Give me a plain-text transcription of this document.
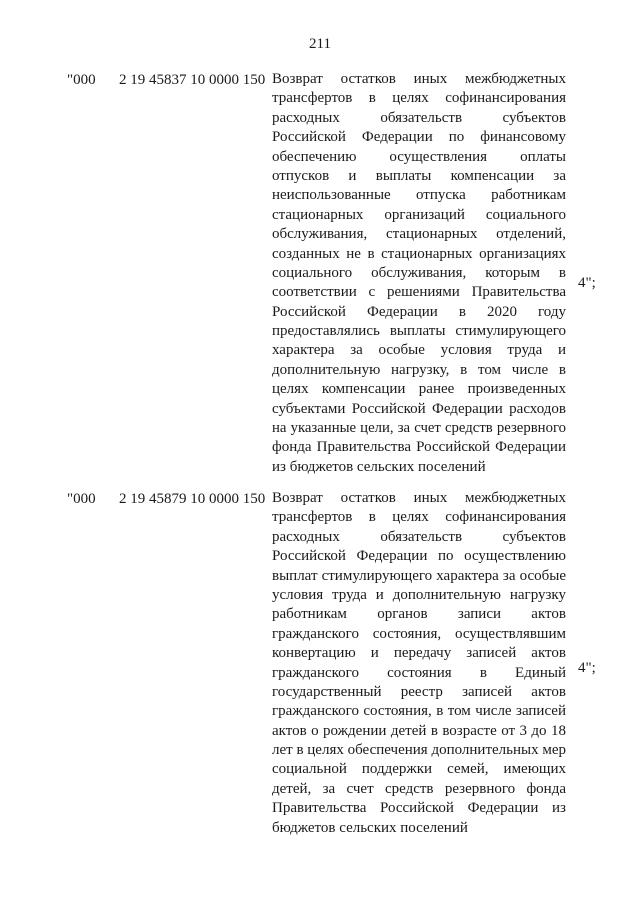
211
"000 2 19 45837 10 0000 150 Возврат остатков иных межбюджетных
трансфертов в целях софинансирования
расходных обязательств субъектов
Российской Федерации по финансовому
обеспечению осуществления оплаты
отпусков и выплаты компенсации за
неиспользованные отпуска работникам
стационарных организаций социального
обслуживания, стационарных отделений,
созданных не в стационарных организациях
социального обслуживания, которым в
соответствии с решениями Правительства
Российской Федерации в 2020 году
предоставлялись выплаты стимулирующего
характера за особые условия труда и
дополнительную нагрузку, в том числе в
целях компенсации ранее произведенных
субъектами Российской Федерации расходов
на указанные цели, за счет средств резервного
фонда Правительства Российской Федерации
из бюджетов сельских поселений

4";
"000 2 19 45879 10 0000 150 Возврат остатков иных межбюджетных
трансфертов в целях софинансирования
расходных обязательств субъектов
Российской Федерации по осуществлению
выплат стимулирующего характера за особые
условия труда и дополнительную нагрузку
работникам органов записи актов
гражданского состояния, осуществлявшим
конвертацию и передачу записей актов
гражданского состояния в Единый
государственный реестр записей актов
гражданского состояния, в том числе записей
актов о рождении детей в возрасте от 3 до 18
лет в целях обеспечения дополнительных мер
социальной поддержки семей, имеющих
детей, за счет средств резервного фонда
Правительства Российской Федерации из
бюджетов сельских поселений

4";
